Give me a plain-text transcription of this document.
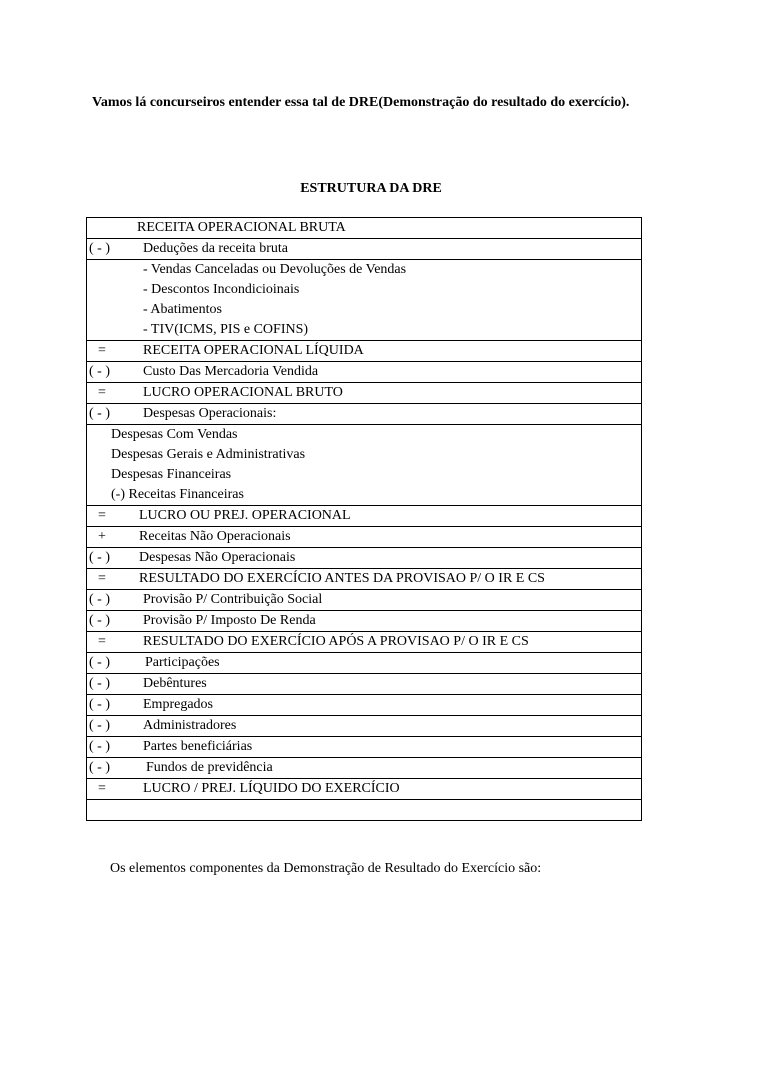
Vamos lá concurseiros entender essa tal de DRE(Demonstração do resultado do exercício).

ESTRUTURA DA DRE

RECEITA OPERACIONAL BRUTA
( - ) Deduções da receita bruta
- Vendas Canceladas ou Devoluções de Vendas
- Descontos Incondicioinais
- Abatimentos
- TIV(ICMS, PIS e COFINS)
=	RECEITA OPERACIONAL LÍQUIDA
( - ) Custo Das Mercadoria Vendida
=	LUCRO OPERACIONAL BRUTO
( - ) Despesas Operacionais:
Despesas Com Vendas
Despesas Gerais e Administrativas
Despesas Financeiras
(-) Receitas Financeiras
= LUCRO OU PREJ. OPERACIONAL
+ Receitas Não Operacionais
( - ) Despesas Não Operacionais
= RESULTADO DO EXERCÍCIO ANTES DA PROVISAO P/ O IR E CS
( - ) Provisão P/ Contribuição Social
( - ) Provisão P/ Imposto De Renda
=	RESULTADO DO EXERCÍCIO APÓS A PROVISAO P/ O IR E CS
( - )	Participações
( - ) Debêntures
( - ) Empregados
( - ) Administradores
( - ) Partes beneficiárias
( - )	Fundos de previdência
=	LUCRO / PREJ. LÍQUIDO DO EXERCÍCIO

Os elementos componentes da Demonstração de Resultado do Exercício são:
